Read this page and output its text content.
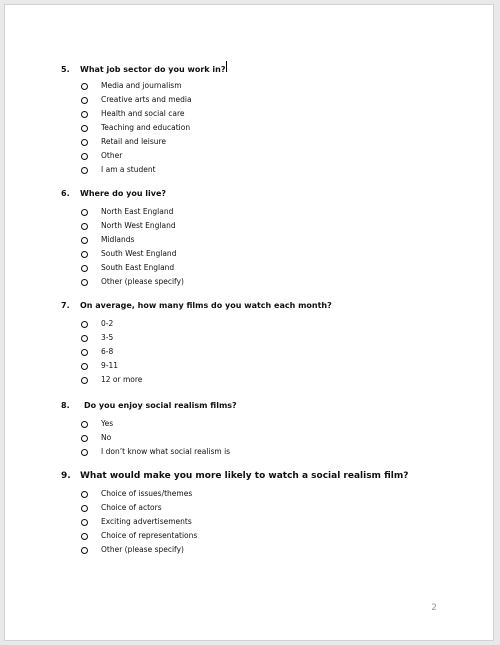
5.	What job sector do you work in?
Media and journalism
Creative arts and media
Health and social care
Teaching and education
Retail and leisure
Other
I am a student
6.	Where do you live?
North East England
North West England
Midlands
South West England
South East England
Other (please specify)
7.	On average, how many films do you watch each month?
0-2
3-5
6-8
9-11
12 or more
8.	Do you enjoy social realism films?
Yes
No
I don’t know what social realism is
9.	What would make you more likely to watch a social realism film?
Choice of issues/themes
Choice of actors
Exciting advertisements
Choice of representations
Other (please specify)
2
